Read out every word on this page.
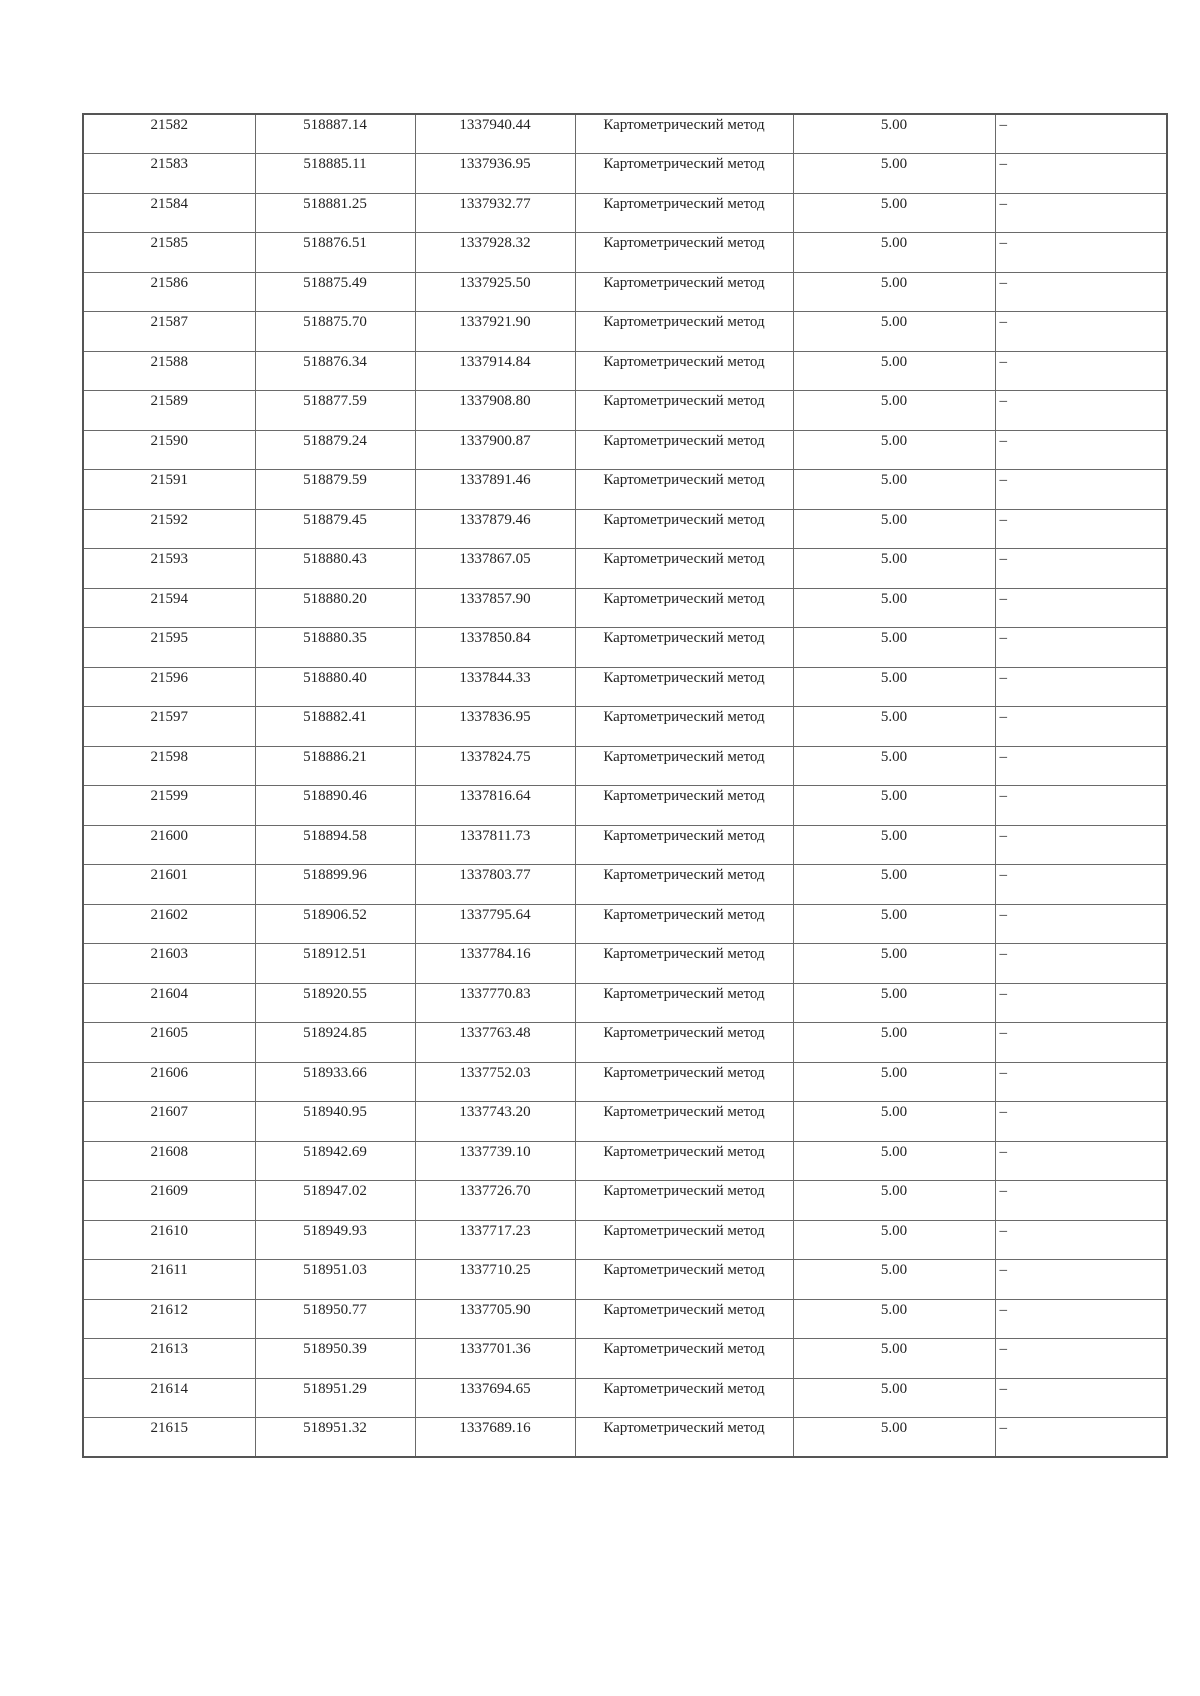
21582	518887.14	1337940.44	Картометрический метод	5.00	–
21583	518885.11	1337936.95	Картометрический метод	5.00	–
21584	518881.25	1337932.77	Картометрический метод	5.00	–
21585	518876.51	1337928.32	Картометрический метод	5.00	–
21586	518875.49	1337925.50	Картометрический метод	5.00	–
21587	518875.70	1337921.90	Картометрический метод	5.00	–
21588	518876.34	1337914.84	Картометрический метод	5.00	–
21589	518877.59	1337908.80	Картометрический метод	5.00	–
21590	518879.24	1337900.87	Картометрический метод	5.00	–
21591	518879.59	1337891.46	Картометрический метод	5.00	–
21592	518879.45	1337879.46	Картометрический метод	5.00	–
21593	518880.43	1337867.05	Картометрический метод	5.00	–
21594	518880.20	1337857.90	Картометрический метод	5.00	–
21595	518880.35	1337850.84	Картометрический метод	5.00	–
21596	518880.40	1337844.33	Картометрический метод	5.00	–
21597	518882.41	1337836.95	Картометрический метод	5.00	–
21598	518886.21	1337824.75	Картометрический метод	5.00	–
21599	518890.46	1337816.64	Картометрический метод	5.00	–
21600	518894.58	1337811.73	Картометрический метод	5.00	–
21601	518899.96	1337803.77	Картометрический метод	5.00	–
21602	518906.52	1337795.64	Картометрический метод	5.00	–
21603	518912.51	1337784.16	Картометрический метод	5.00	–
21604	518920.55	1337770.83	Картометрический метод	5.00	–
21605	518924.85	1337763.48	Картометрический метод	5.00	–
21606	518933.66	1337752.03	Картометрический метод	5.00	–
21607	518940.95	1337743.20	Картометрический метод	5.00	–
21608	518942.69	1337739.10	Картометрический метод	5.00	–
21609	518947.02	1337726.70	Картометрический метод	5.00	–
21610	518949.93	1337717.23	Картометрический метод	5.00	–
21611	518951.03	1337710.25	Картометрический метод	5.00	–
21612	518950.77	1337705.90	Картометрический метод	5.00	–
21613	518950.39	1337701.36	Картометрический метод	5.00	–
21614	518951.29	1337694.65	Картометрический метод	5.00	–
21615	518951.32	1337689.16	Картометрический метод	5.00	–
